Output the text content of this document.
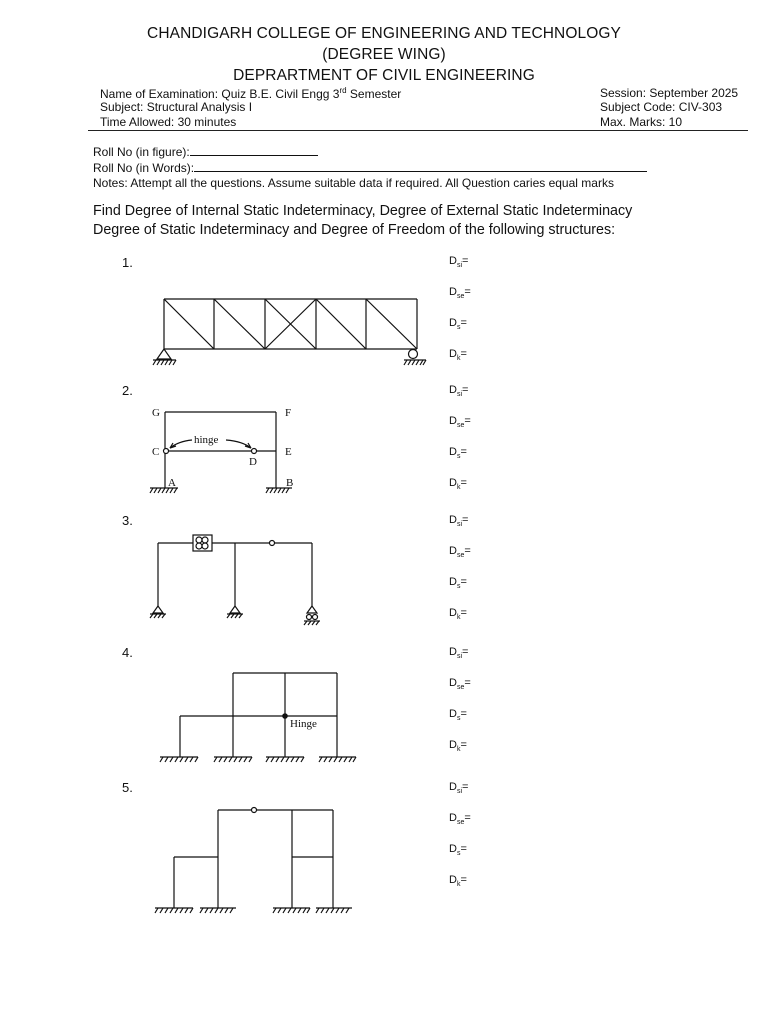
CHANDIGARH COLLEGE OF ENGINEERING AND TECHNOLOGY
(DEGREE WING)
DEPRARTMENT OF CIVIL ENGINEERING
Name of Examination: Quiz B.E. Civil Engg 3rd Semester
Subject: Structural Analysis I
Time Allowed: 30 minutes
Session: September 2025
Subject Code: CIV-303
Max. Marks: 10
Roll No (in figure):
Roll No (in Words):
Notes: Attempt all the questions. Assume suitable data if required. All Question caries equal marks
Find Degree of Internal Static Indeterminacy, Degree of External Static Indeterminacy
Degree of Static Indeterminacy and Degree of Freedom of the following structures:
1.
2.
3.
4.
5.
$D_{si}=$
$D_{se}=$
$D_s=$
$D_k=$
$D_{si}=$
$D_{se}=$
$D_s=$
$D_k=$
$D_{si}=$
$D_{se}=$
$D_s=$
$D_k=$
$D_{si}=$
$D_{se}=$
$D_s=$
$D_k=$
$D_{si}=$
$D_{se}=$
$D_s=$
$D_k=$
G	F
C	E
D
A	B
hinge
Hinge
